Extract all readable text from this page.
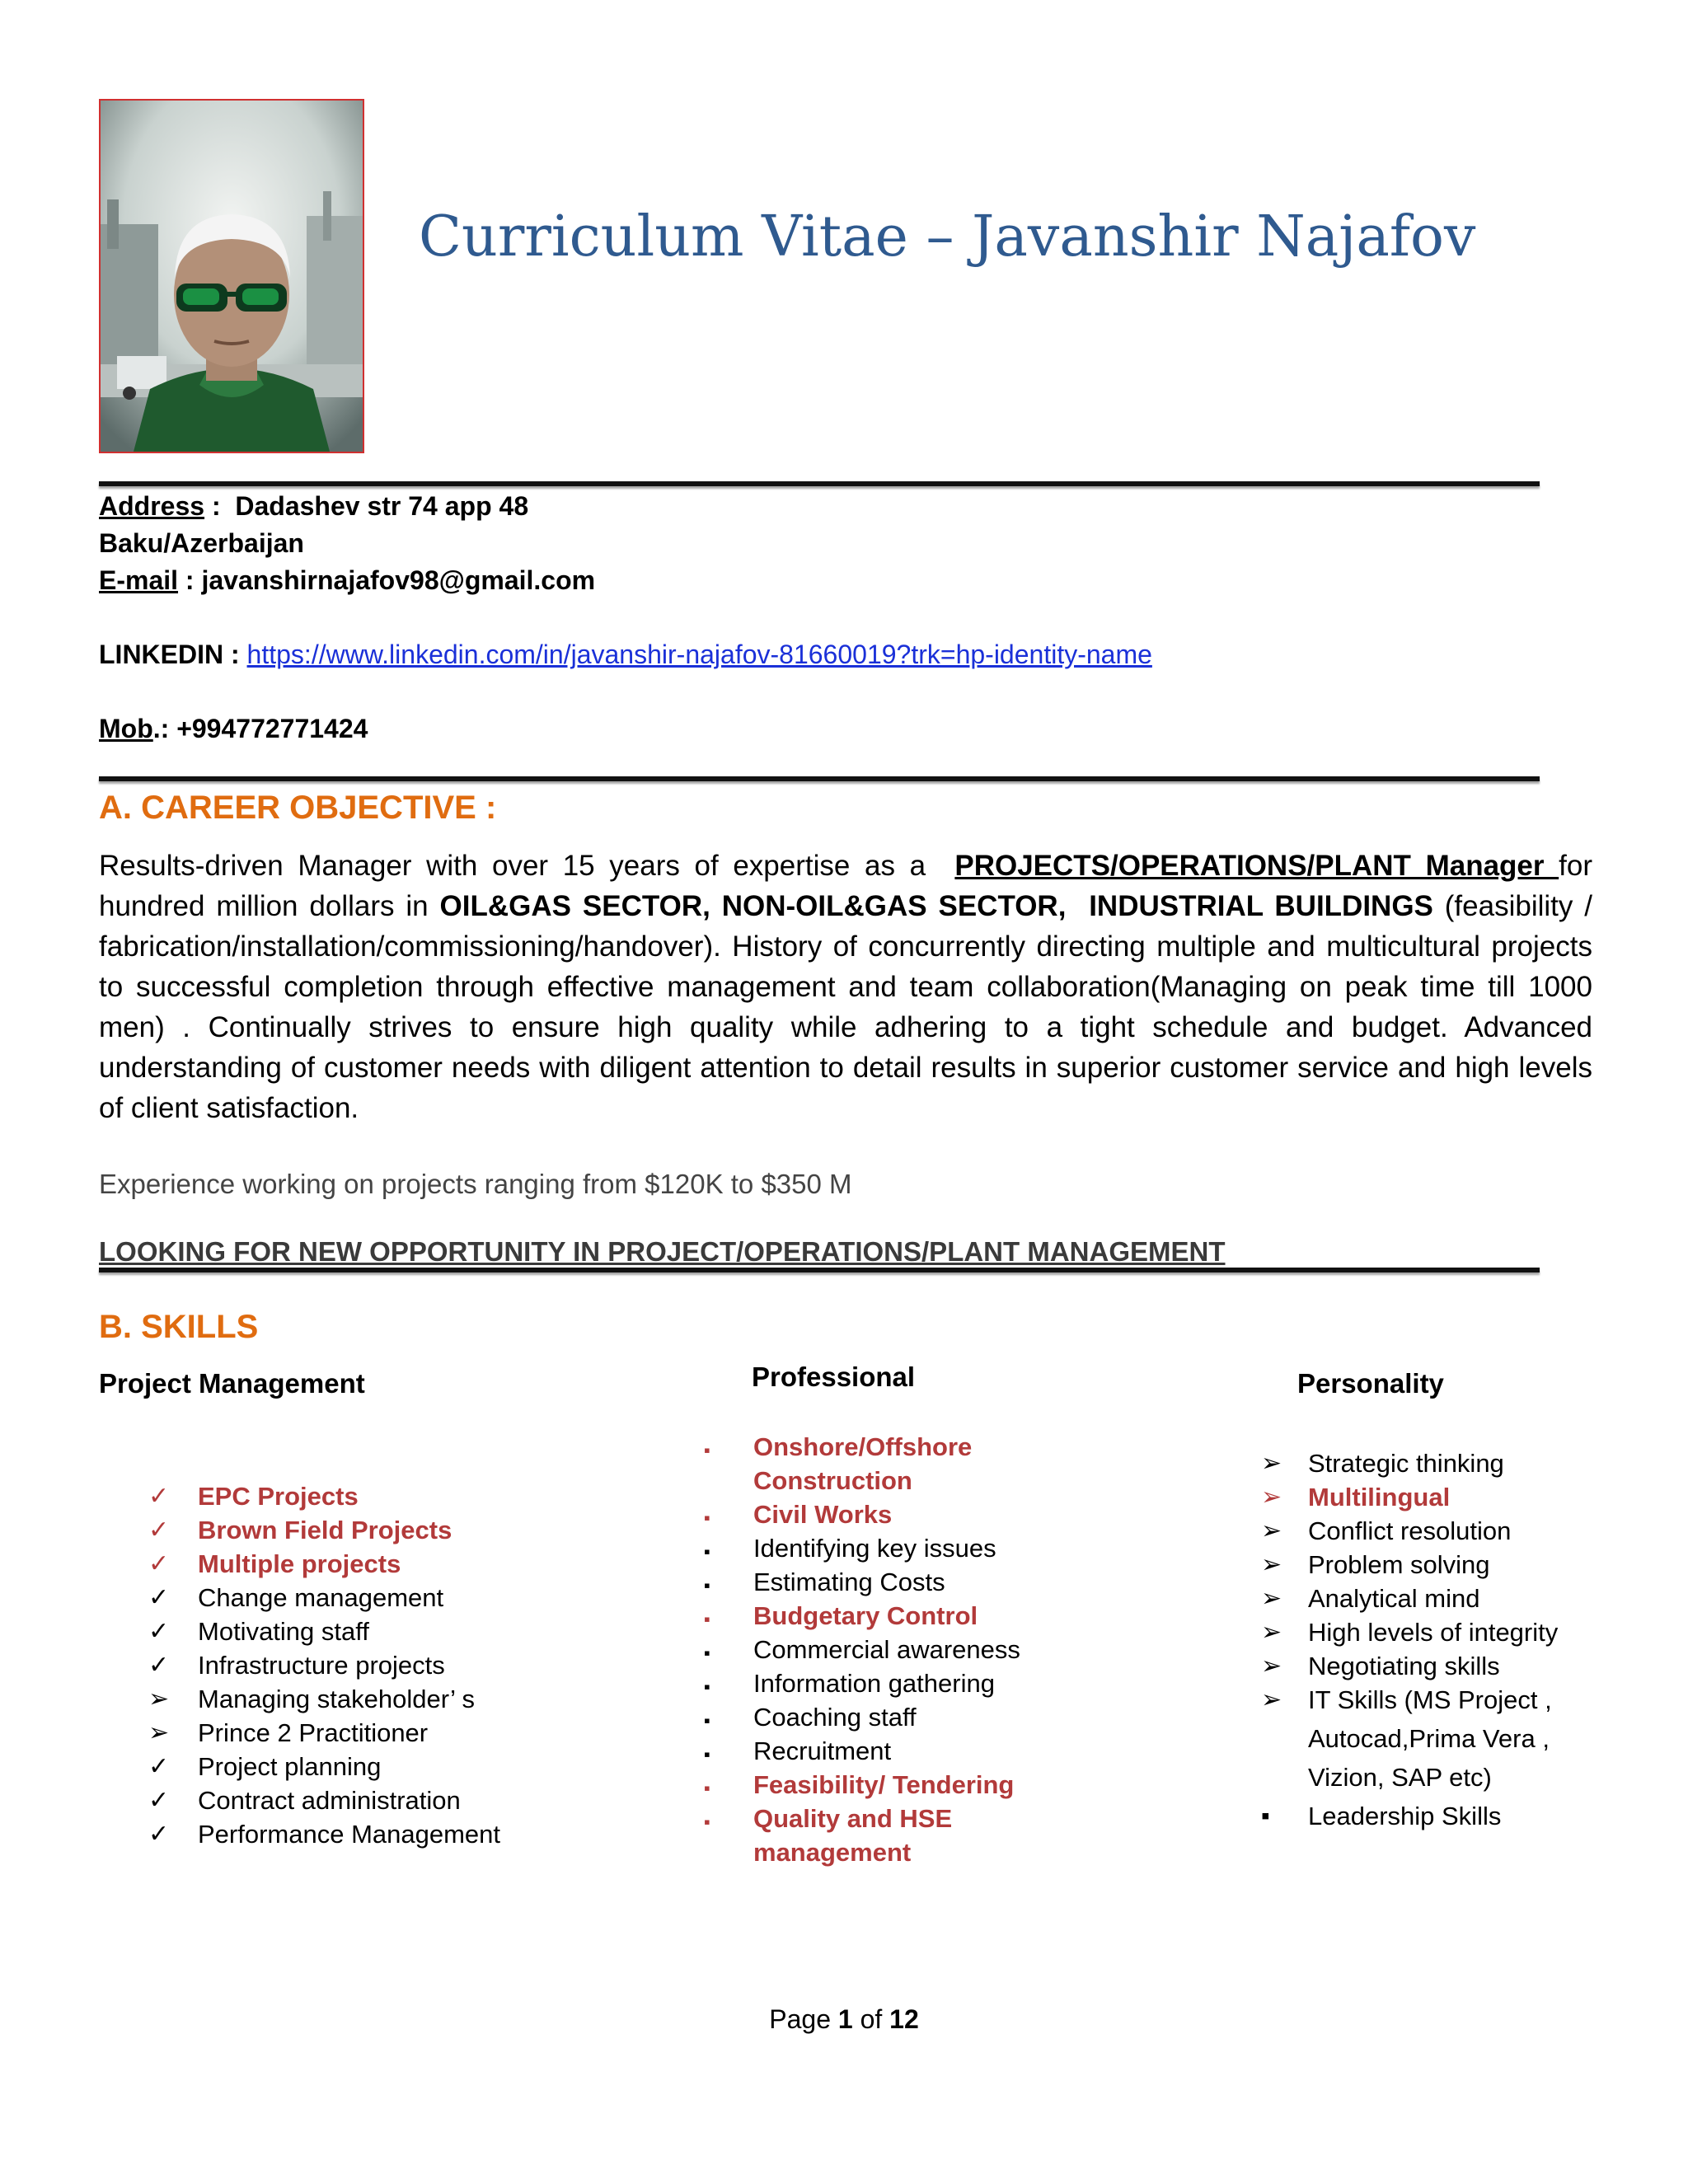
Curriculum Vitae – Javanshir Najafov
Address :  Dadashev str 74 app 48
Baku/Azerbaijan
E-mail : javanshirnajafov98@gmail.com
LINKEDIN : https://www.linkedin.com/in/javanshir-najafov-81660019?trk=hp-identity-name
Mob.: +994772771424
A. CAREER OBJECTIVE :
Results-driven Manager with over 15 years of expertise as a  PROJECTS/OPERATIONS/PLANT Manager for hundred million dollars in OIL&GAS SECTOR, NON-OIL&GAS SECTOR, INDUSTRIAL BUILDINGS (feasibility / fabrication/installation/commissioning/handover). History of concurrently directing multiple and multicultural projects to successful completion through effective management and team collaboration(Managing on peak time till 1000 men) . Continually strives to ensure high quality while adhering to a tight schedule and budget. Advanced understanding of customer needs with diligent attention to detail results in superior customer service and high levels of client satisfaction.
Experience working on projects ranging from $120K to $350 M
LOOKING FOR NEW OPPORTUNITY IN PROJECT/OPERATIONS/PLANT MANAGEMENT
B. SKILLS
Project Management	Professional	Personality
✓ EPC Projects
✓ Brown Field Projects
✓ Multiple projects
✓ Change management
✓ Motivating staff
✓ Infrastructure projects
➢ Managing stakeholder’ s
➢ Prince 2 Practitioner
✓ Project planning
✓ Contract administration
✓ Performance Management
▪ Onshore/Offshore Construction
▪ Civil Works
▪ Identifying key issues
▪ Estimating Costs
▪ Budgetary Control
▪ Commercial awareness
▪ Information gathering
▪ Coaching staff
▪ Recruitment
▪ Feasibility/ Tendering
▪ Quality and HSE management
➢ Strategic thinking
➢ Multilingual
➢ Conflict resolution
➢ Problem solving
➢ Analytical mind
➢ High levels of integrity
➢ Negotiating skills
➢ IT Skills (MS Project ,
Autocad,Prima Vera ,
Vizion, SAP etc)
▪ Leadership Skills
Page 1 of 12
